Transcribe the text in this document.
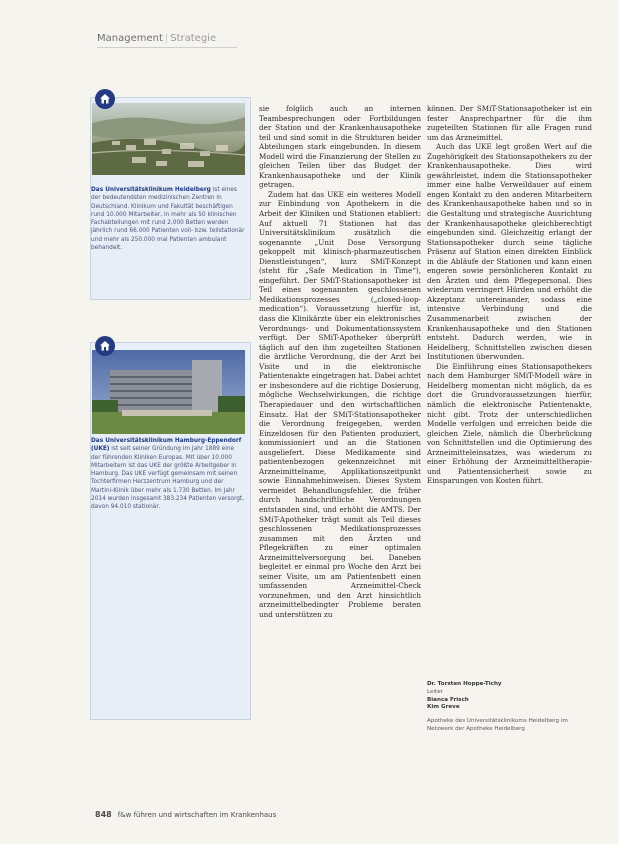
Management | Strategie
Das Universitätsklinikum Heidelberg ist eines der bedeutendsten medizinischen Zentren in Deutschland. Klinikum und Fakultät beschäftigen rund 10.000 Mitarbeiter, in mehr als 50 klinischen Fachabteilungen mit rund 2.000 Betten werden jährlich rund 66.000 Patienten voll- bzw. teilstationär und mehr als 250.000 mal Patienten ambulant behandelt.
Das Universitätsklinikum Hamburg-Eppendorf (UKE) ist seit seiner Gründung im Jahr 1889 eine der führenden Kliniken Europas. Mit über 10.000 Mitarbeitern ist das UKE der größte Arbeitgeber in Hamburg. Das UKE verfügt gemeinsam mit seinen Tochterfirmen Herzzentrum Hamburg und der Martini-Klinik über mehr als 1.730 Betten. Im Jahr 2014 wurden insgesamt 383.234 Patienten versorgt, davon 94.010 stationär.

sie folglich auch an internen Teambesprechungen oder Fortbildungen der Station und der Krankenhausapotheke teil und sind somit in die Strukturen beider Abteilungen stark eingebunden. In diesem Modell wird die Finanzierung der Stellen zu gleichen Teilen über das Budget der Krankenhausapotheke und der Klinik getragen.

Zudem hat das UKE ein weiteres Modell zur Einbindung von Apothekern in die Arbeit der Kliniken und Stationen etabliert: Auf aktuell 71 Stationen hat das Universitätsklinikum zusätzlich die sogenannte „Unit Dose Versorgung gekoppelt mit klinisch-pharmazeutischen Dienstleistungen“, kurz SMiT-Konzept (steht für „Safe Medication in Time“), eingeführt. Der SMiT-Stationsapotheker ist Teil eines sogenannten geschlossenen Medikationsprozesses („closed-loop-medication“). Voraussetzung hierfür ist, dass die Klinikärzte über ein elektronisches Verordnungs- und Dokumentationssystem verfügt. Der SMiT-Apotheker überprüft täglich auf den ihm zugeteilten Stationen die ärztliche Verordnung, die der Arzt bei Visite und in die elektronische Patientenakte eingetragen hat. Dabei achtet er insbesondere auf die richtige Dosierung, mögliche Wechselwirkungen, die richtige Therapiedauer und den wirtschaftlichen Einsatz. Hat der SMiT-Stationsapotheker die Verordnung freigegeben, werden Einzeldosen für den Patienten produziert, kommissioniert und an die Stationen ausgeliefert. Diese Medikamente sind patientenbezogen gekennzeichnet mit Arzneimittelname, Applikationszeitpunkt sowie Einnahmehinweisen. Dieses System vermeidet Behandlungsfehler, die früher durch handschriftliche Verordnungen entstanden sind, und erhöht die AMTS. Der SMiT-Apotheker trägt somit als Teil dieses geschlossenen Medikationsprozesses zusammen mit den Ärzten und Pflegekräften zu einer optimalen Arzneimittelversorgung bei. Daneben begleitet er einmal pro Woche den Arzt bei seiner Visite, um am Patientenbett einen umfassenden Arzneimittel-Check vorzunehmen, und den Arzt hinsichtlich arzneimittelbedingter Probleme beraten und unterstützen zu

können. Der SMiT-Stationsapotheker ist ein fester Ansprechpartner für die ihm zugeteilten Stationen für alle Fragen rund um das Arzneimittel.

Auch das UKE legt großen Wert auf die Zugehörigkeit des Stationsapothekers zu der Krankenhausapotheke. Dies wird gewährleistet, indem die Stationsapotheker immer eine halbe Verweildauer auf einem engen Kontakt zu den anderen Mitarbeitern des Krankenhausapotheke haben und so in die Gestaltung und strategische Ausrichtung der Krankenhausapotheke gleichberechtigt eingebunden sind. Gleichzeitig erlangt der Stationsapotheker durch seine tägliche Präsenz auf Station einen direkten Einblick in die Abläufe der Stationen und kann einen engeren sowie persönlicheren Kontakt zu den Ärzten und dem Pflegepersonal. Dies wiederum verringert Hürden und erhöht die Akzeptanz untereinander, sodass eine intensive Verbindung und die Zusammenarbeit zwischen der Krankenhausapotheke und den Stationen entsteht. Dadurch werden, wie in Heidelberg, Schnittstellen zwischen diesen Institutionen überwunden.

Die Einführung eines Stationsapothekers nach dem Hamburger SMiT-Modell wäre in Heidelberg momentan nicht möglich, da es dort die Grundvoraussetzungen hierfür, nämlich die elektronische Patientenakte, nicht gibt. Trotz der unterschiedlichen Modelle verfolgen und erreichen beide die gleichen Ziele, nämlich die Überbrückung von Schnittstellen und die Optimierung des Arzneimitteleinsatzes, was wiederum zu einer Erhöhung der Arzneimitteltherapie- und Patientensicherheit sowie zu Einsparungen von Kosten führt.

Dr. Torsten Hoppe-Tichy
Leiter
Bianca Frisch
Kim Greve
Apotheke des Universitätsklinikums Heidelberg im Netzwerk der Apotheke Heidelberg
848 f&w führen und wirtschaften im Krankenhaus
